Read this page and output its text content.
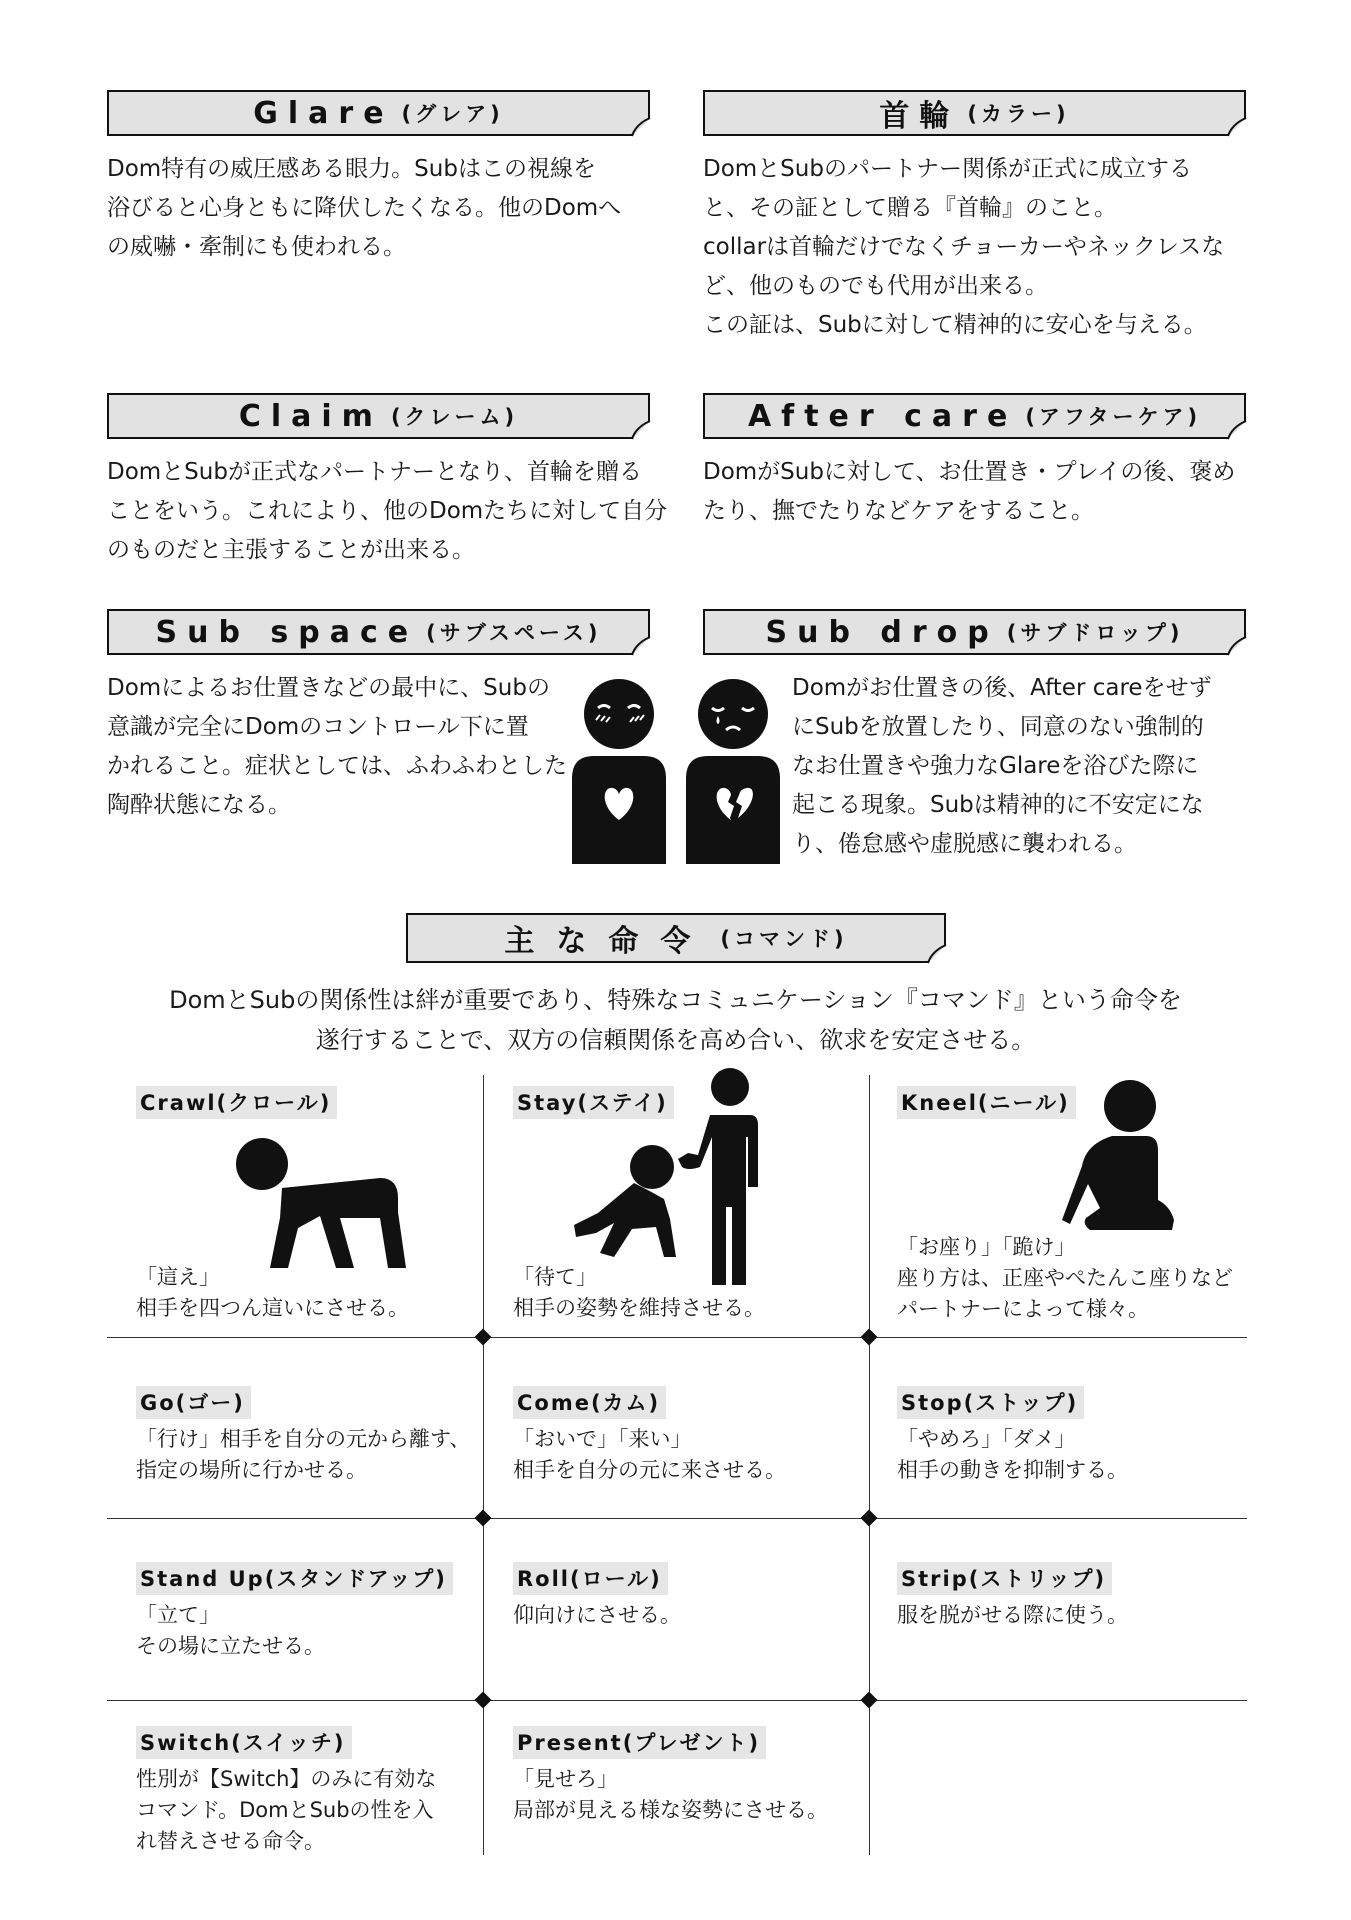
Glare (グレア)	首輪 (カラー)
Claim (クレーム)	After care (アフターケア)
Sub space (サブスペース)	Sub drop (サブドロップ)
Dom特有の威圧感ある眼力。Subはこの視線を
浴びると心身ともに降伏したくなる。他のDomへ
の威嚇・牽制にも使われる。
DomとSubのパートナー関係が正式に成立する
と、その証として贈る『首輪』のこと。
collarは首輪だけでなくチョーカーやネックレスな
ど、他のものでも代用が出来る。
この証は、Subに対して精神的に安心を与える。
DomとSubが正式なパートナーとなり、首輪を贈る
ことをいう。これにより、他のDomたちに対して自分
のものだと主張することが出来る。
DomがSubに対して、お仕置き・プレイの後、褒め
たり、撫でたりなどケアをすること。
Domによるお仕置きなどの最中に、Subの
意識が完全にDomのコントロール下に置
かれること。症状としては、ふわふわとした
陶酔状態になる。
Domがお仕置きの後、After careをせず
にSubを放置したり、同意のない強制的
なお仕置きや強力なGlareを浴びた際に
起こる現象。Subは精神的に不安定にな
り、倦怠感や虚脱感に襲われる。
主な命令 (コマンド)
DomとSubの関係性は絆が重要であり、特殊なコミュニケーション『コマンド』という命令を
遂行することで、双方の信頼関係を高め合い、欲求を安定させる。
Crawl(クロール)
「這え」
相手を四つん這いにさせる。
Stay(ステイ)
「待て」
相手の姿勢を維持させる。
Kneel(ニール)
「お座り」「跪け」
座り方は、正座やぺたんこ座りなど
パートナーによって様々。
Go(ゴー)
「行け」相手を自分の元から離す、
指定の場所に行かせる。
Come(カム)
「おいで」「来い」
相手を自分の元に来させる。
Stop(ストップ)
「やめろ」「ダメ」
相手の動きを抑制する。
Stand Up(スタンドアップ)
「立て」
その場に立たせる。
Roll(ロール)
仰向けにさせる。
Strip(ストリップ)
服を脱がせる際に使う。
Switch(スイッチ)
性別が【Switch】のみに有効な
コマンド。DomとSubの性を入
れ替えさせる命令。
Present(プレゼント)
「見せろ」
局部が見える様な姿勢にさせる。
